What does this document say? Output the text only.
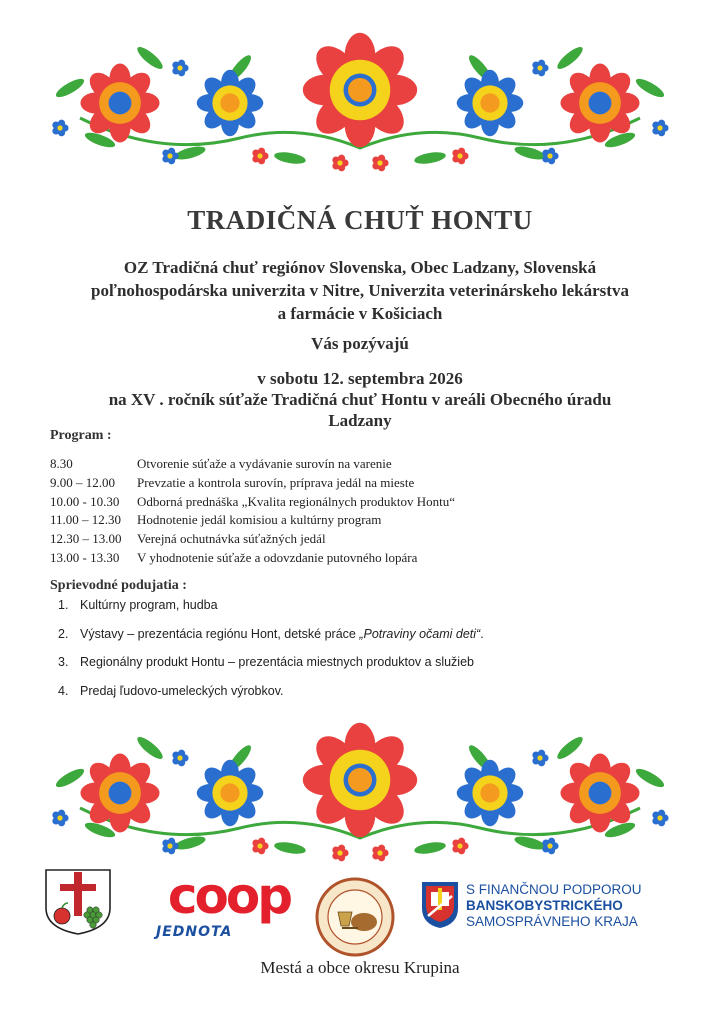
TRADIČNÁ CHUŤ HONTU
OZ Tradičná chuť regiónov Slovenska, Obec Ladzany, Slovenská
poľnohospodárska univerzita v Nitre, Univerzita veterinárskeho lekárstva
a farmácie v Košiciach
Vás pozývajú
v sobotu 12. septembra 2026
na XV . ročník súťaže Tradičná chuť Hontu v areáli Obecného úradu
Ladzany
Program :
8.30	Otvorenie súťaže a vydávanie surovín na varenie
9.00 – 12.00 Prevzatie a kontrola surovín, príprava jedál na mieste
10.00 - 10.30 Odborná prednáška „Kvalita regionálnych produktov Hontu“
11.00 – 12.30 Hodnotenie jedál komisiou a kultúrny program
12.30 – 13.00 Verejná ochutnávka súťažných jedál
13.00 - 13.30 V yhodnotenie súťaže a odovzdanie putovného lopára
Sprievodné podujatia :
1. Kultúrny program, hudba
2. Výstavy – prezentácia regiónu Hont, detské práce „Potraviny očami deti“.
3. Regionálny produkt Hontu – prezentácia miestnych produktov a služieb
4. Predaj ľudovo-umeleckých výrobkov.
coop
JEDNOTA
S FINANČNOU PODPOROU
BANSKOBYSTRICKÉHO
SAMOSPRÁVNEHO KRAJA
Mestá a obce okresu Krupina
